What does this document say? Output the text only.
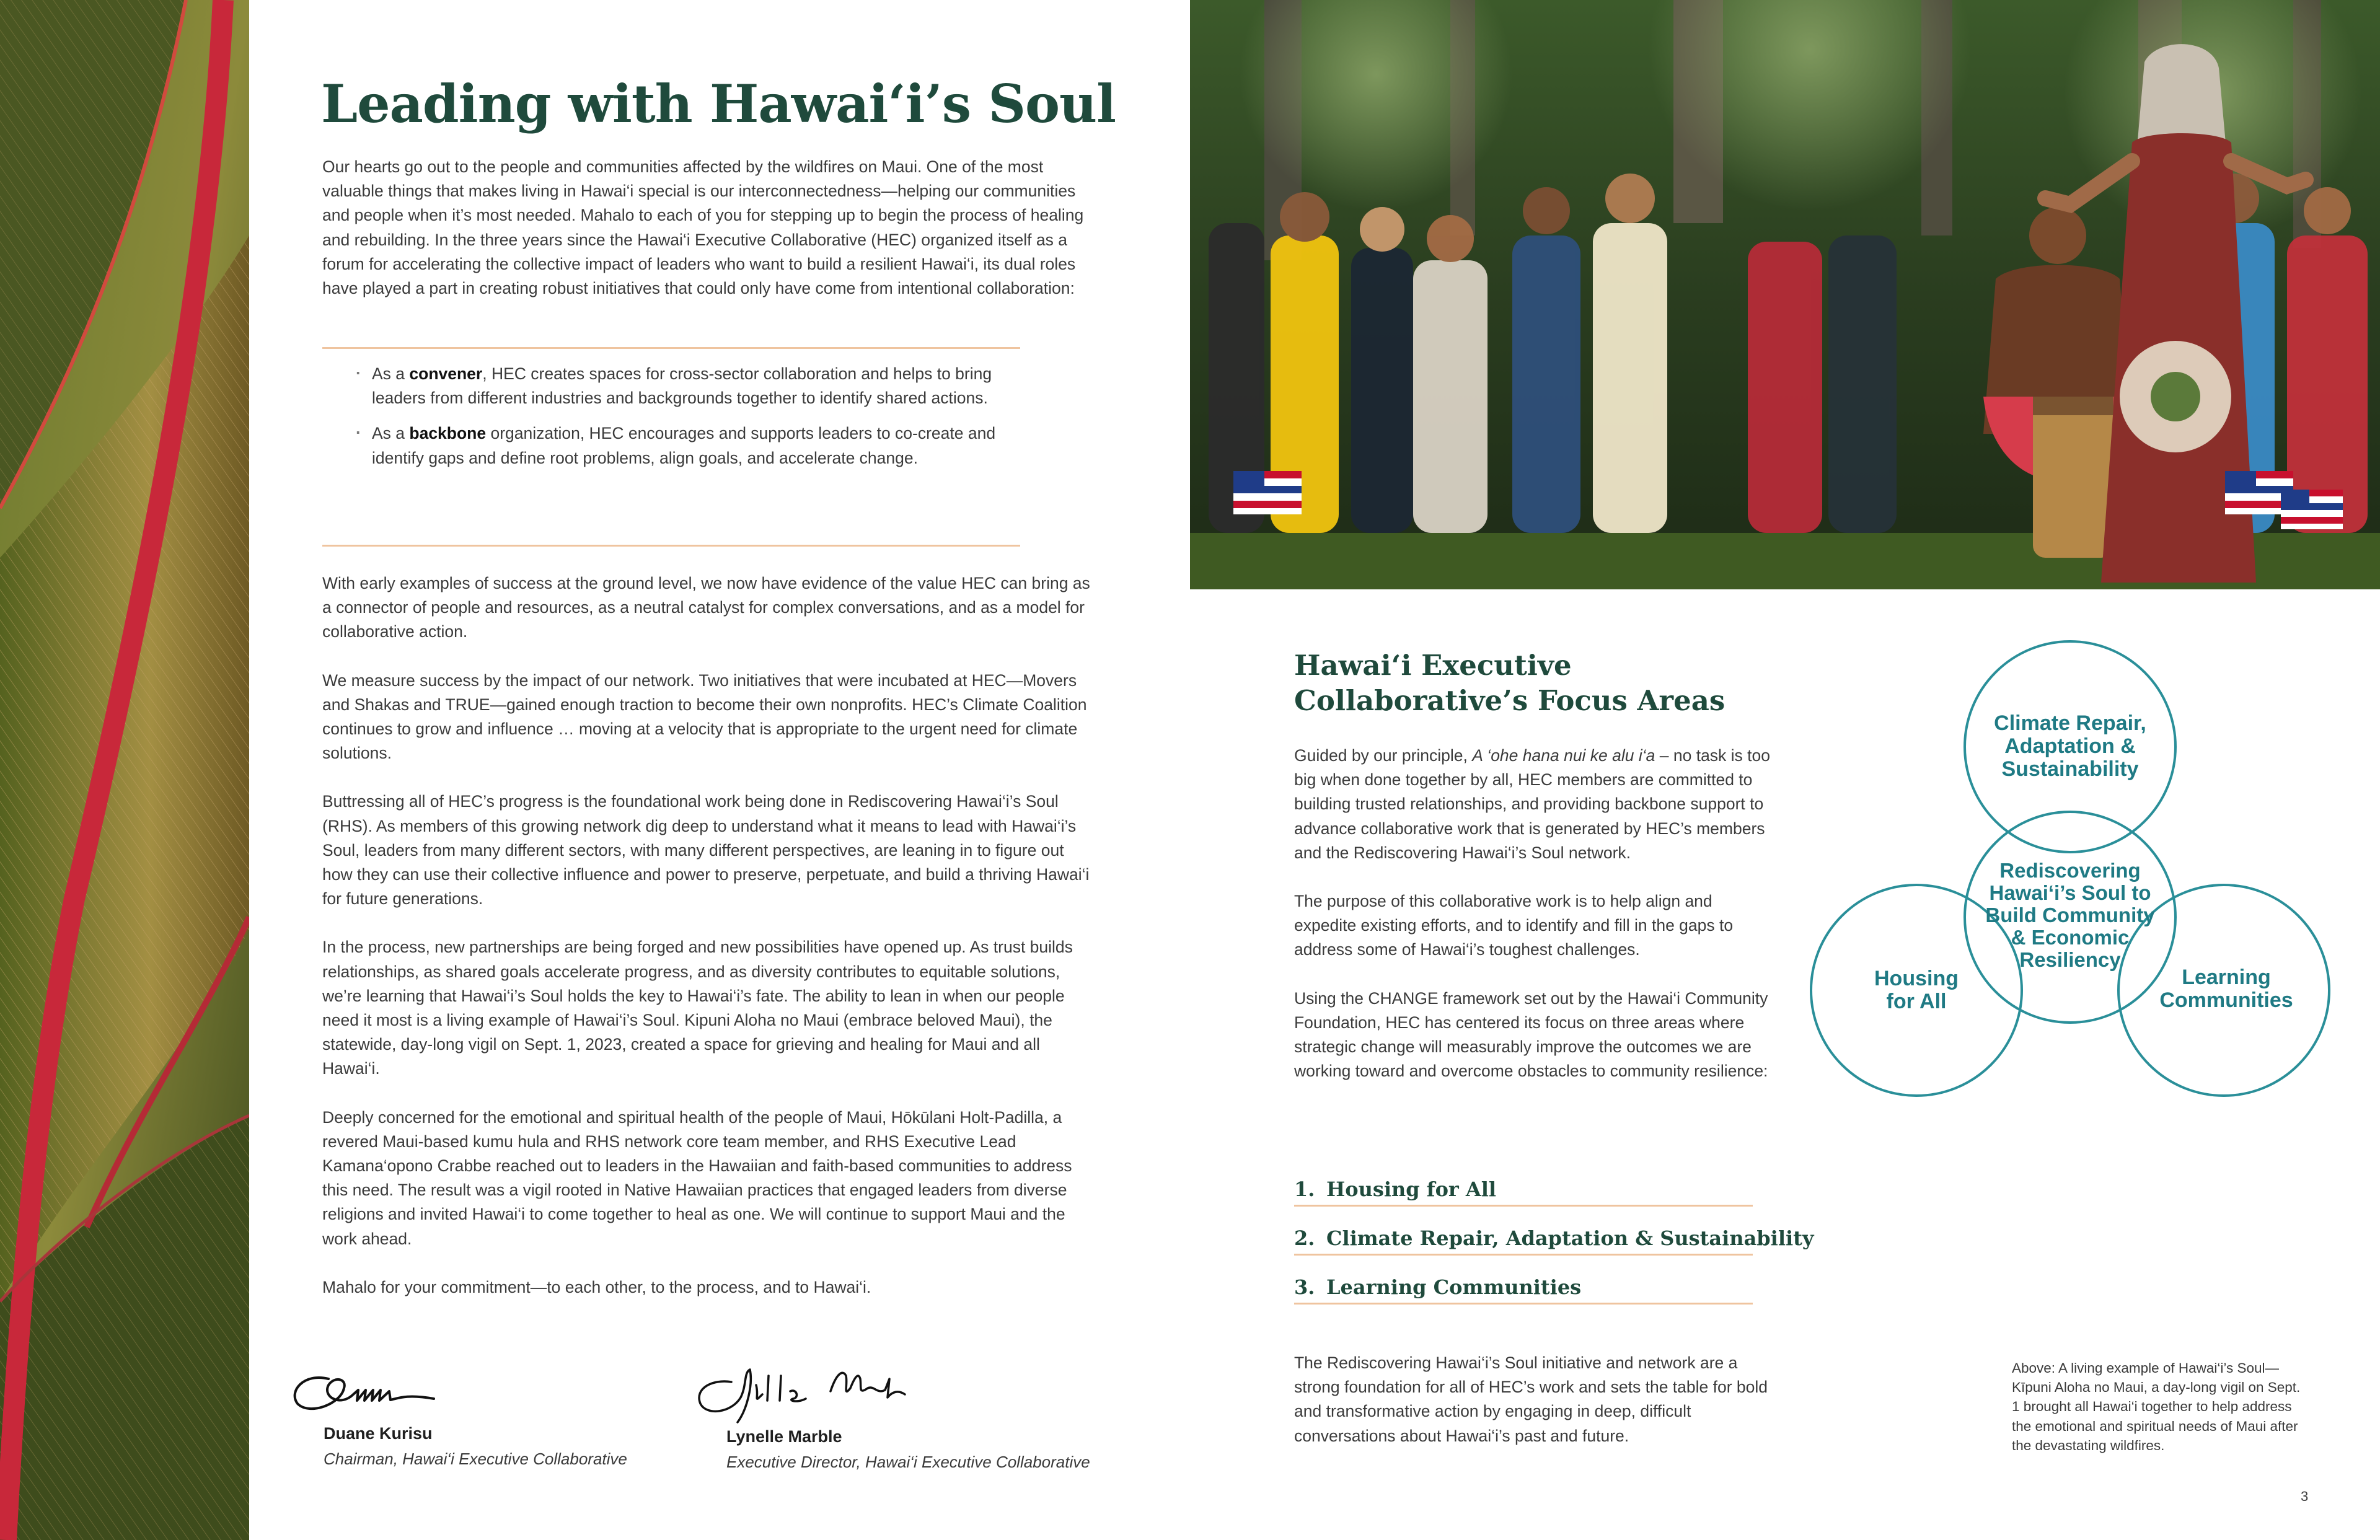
Leading with Hawai‘i’s Soul

Our hearts go out to the people and communities affected by the wildfires on Maui. One of the most valuable things that makes living in Hawai‘i special is our interconnectedness—helping our communities and people when it’s most needed. Mahalo to each of you for stepping up to begin the process of healing and rebuilding. In the three years since the Hawai‘i Executive Collaborative (HEC) organized itself as a forum for accelerating the collective impact of leaders who want to build a resilient Hawai‘i, its dual roles have played a part in creating robust initiatives that could only have come from intentional collaboration:

· As a convener, HEC creates spaces for cross-sector collaboration and helps to bring leaders from different industries and backgrounds together to identify shared actions.
· As a backbone organization, HEC encourages and supports leaders to co-create and identify gaps and define root problems, align goals, and accelerate change.

With early examples of success at the ground level, we now have evidence of the value HEC can bring as a connector of people and resources, as a neutral catalyst for complex conversations, and as a model for collaborative action.

We measure success by the impact of our network. Two initiatives that were incubated at HEC—Movers and Shakas and TRUE—gained enough traction to become their own nonprofits. HEC’s Climate Coalition continues to grow and influence … moving at a velocity that is appropriate to the urgent need for climate solutions.

Buttressing all of HEC’s progress is the foundational work being done in Rediscovering Hawai‘i’s Soul (RHS). As members of this growing network dig deep to understand what it means to lead with Hawai‘i’s Soul, leaders from many different sectors, with many different perspectives, are leaning in to figure out how they can use their collective influence and power to preserve, perpetuate, and build a thriving Hawai‘i for future generations.

In the process, new partnerships are being forged and new possibilities have opened up. As trust builds relationships, as shared goals accelerate progress, and as diversity contributes to equitable solutions, we’re learning that Hawai‘i’s Soul holds the key to Hawai‘i’s fate. The ability to lean in when our people need it most is a living example of Hawai‘i’s Soul. Kipuni Aloha no Maui (embrace beloved Maui), the statewide, day-long vigil on Sept. 1, 2023, created a space for grieving and healing for Maui and all Hawai‘i.

Deeply concerned for the emotional and spiritual health of the people of Maui, Hōkūlani Holt-Padilla, a revered Maui-based kumu hula and RHS network core team member, and RHS Executive Lead Kamana‘opono Crabbe reached out to leaders in the Hawaiian and faith-based communities to address this need. The result was a vigil rooted in Native Hawaiian practices that engaged leaders from diverse religions and invited Hawai‘i to come together to heal as one. We will continue to support Maui and the work ahead.

Mahalo for your commitment—to each other, to the process, and to Hawai‘i.

Duane Kurisu
Chairman, Hawai‘i Executive Collaborative
Lynelle Marble
Executive Director, Hawai‘i Executive Collaborative
Hawai‘i Executive Collaborative’s Focus Areas

Guided by our principle, A ‘ohe hana nui ke alu i‘a – no task is too big when done together by all, HEC members are committed to building trusted relationships, and providing backbone support to advance collaborative work that is generated by HEC’s members and the Rediscovering Hawai‘i’s Soul network.

The purpose of this collaborative work is to help align and expedite existing efforts, and to identify and fill in the gaps to address some of Hawai‘i’s toughest challenges.

Using the CHANGE framework set out by the Hawai‘i Community Foundation, HEC has centered its focus on three areas where strategic change will measurably improve the outcomes we are working toward and overcome obstacles to community resilience:

1. Housing for All
2. Climate Repair, Adaptation & Sustainability
3. Learning Communities

The Rediscovering Hawai‘i’s Soul initiative and network are a strong foundation for all of HEC’s work and sets the table for bold and transformative action by engaging in deep, difficult conversations about Hawai‘i’s past and future.

Climate Repair,
Adaptation &
Sustainability
Rediscovering
Hawai‘i’s Soul to
Build Community
& Economic
Resiliency
Housing
for All
Learning
Communities
Above: A living example of Hawai‘i’s Soul—Kīpuni Aloha no Maui, a day-long vigil on Sept. 1 brought all Hawai‘i together to help address the emotional and spiritual needs of Maui after the devastating wildfires.
3
